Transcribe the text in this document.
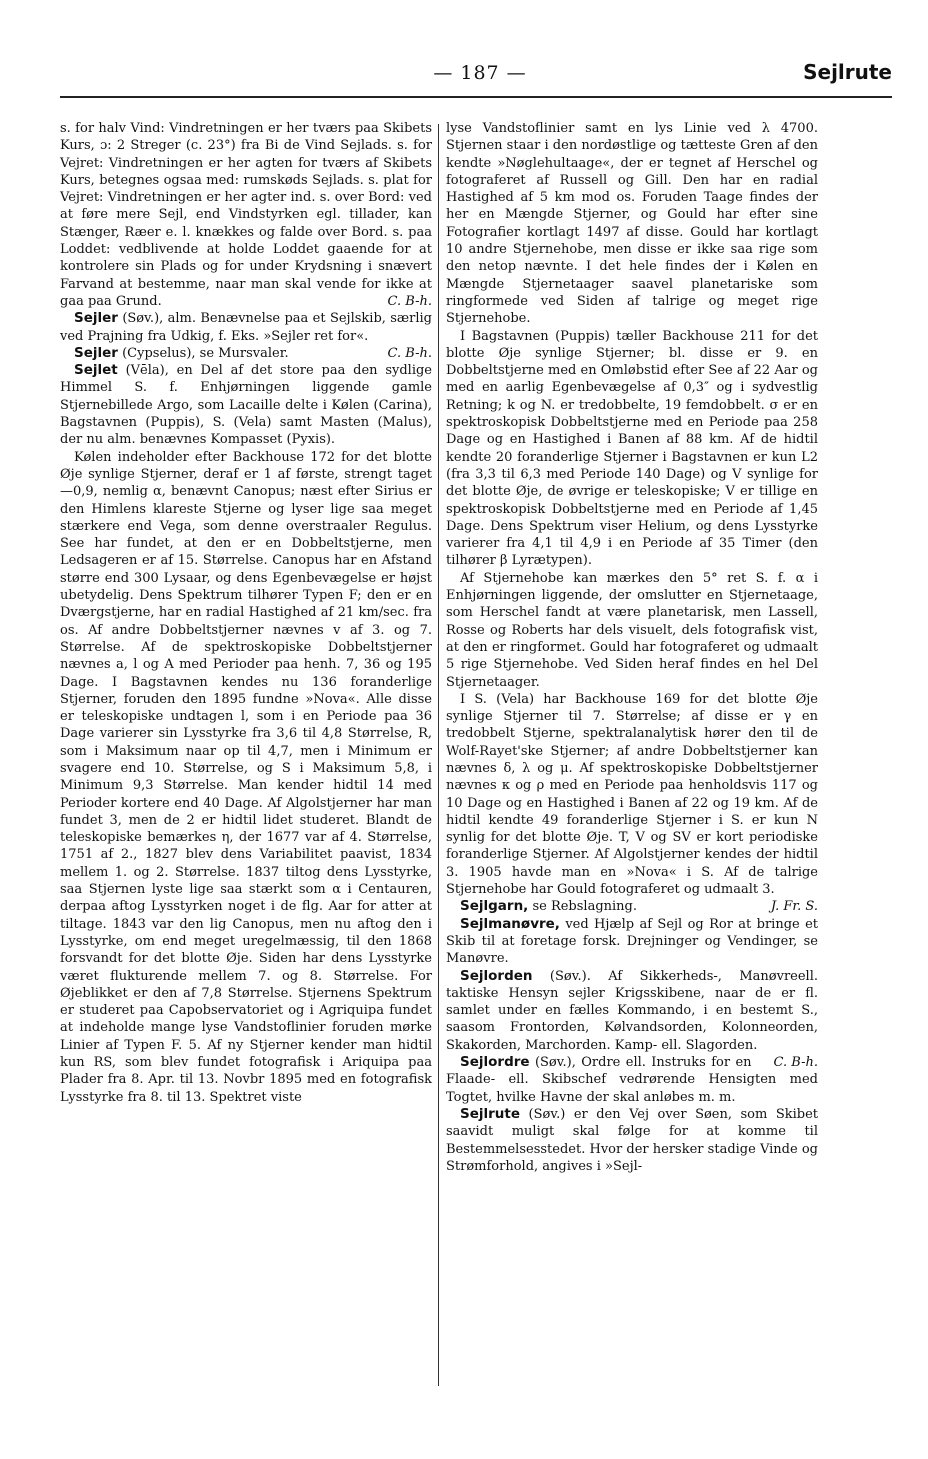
— 187 —	Sejlrute

s. for halv Vind: Vindretningen er her tværs paa Skibets Kurs, ɔ: 2 Streger (c. 23°) fra Bi de Vind Sejlads. s. for Vejret: Vindretningen er her agten for tværs af Skibets Kurs, betegnes ogsaa med: rumskøds Sejlads. s. plat for Vejret: Vindretningen er her agter ind. s. over Bord: ved at føre mere Sejl, end Vindstyrken egl. tillader, kan Stænger, Ræer e. l. knækkes og falde over Bord. s. paa Loddet: vedblivende at holde Loddet gaaende for at kontrolere sin Plads og for under Krydsning i snævert Farvand at bestemme, naar man skal vende for ikke at gaa paa Grund.	C. B-h.

Sejler (Søv.), alm. Benævnelse paa et Sejlskib, særlig ved Prajning fra Udkig, f. Eks. »Sejler ret for«.
C. B-h.

Sejler (Cypselus), se Mursvaler.

Sejlet (Vēla), en Del af det store paa den sydlige Himmel S. f. Enhjørningen liggende gamle Stjernebillede Argo, som Lacaille delte i Kølen (Carina), Bagstavnen (Puppis), S. (Vela) samt Masten (Malus), der nu alm. benævnes Kompasset (Pyxis).

Kølen indeholder efter Backhouse 172 for det blotte Øje synlige Stjerner, deraf er 1 af første, strengt taget —0,9, nemlig α, benævnt Canopus; næst efter Sirius er den Himlens klareste Stjerne og lyser lige saa meget stærkere end Vega, som denne overstraaler Regulus. See har fundet, at den er en Dobbeltstjerne, men Ledsageren er af 15. Størrelse. Canopus har en Afstand større end 300 Lysaar, og dens Egenbevægelse er højst ubetydelig. Dens Spektrum tilhører Typen F; den er en Dværgstjerne, har en radial Hastighed af 21 km/sec. fra os. Af andre Dobbeltstjerner nævnes v af 3. og 7. Størrelse. Af de spektroskopiske Dobbeltstjerner nævnes a, l og A med Perioder paa henh. 7, 36 og 195 Dage. I Bagstavnen kendes nu 136 foranderlige Stjerner, foruden den 1895 fundne »Nova«. Alle disse er teleskopiske undtagen l, som i en Periode paa 36 Dage varierer sin Lysstyrke fra 3,6 til 4,8 Størrelse, R, som i Maksimum naar op til 4,7, men i Minimum er svagere end 10. Størrelse, og S i Maksimum 5,8, i Minimum 9,3 Størrelse. Man kender hidtil 14 med Perioder kortere end 40 Dage. Af Algolstjerner har man fundet 3, men de 2 er hidtil lidet studeret. Blandt de teleskopiske bemærkes η, der 1677 var af 4. Størrelse, 1751 af 2., 1827 blev dens Variabilitet paavist, 1834 mellem 1. og 2. Størrelse. 1837 tiltog dens Lysstyrke, saa Stjernen lyste lige saa stærkt som α i Centauren, derpaa aftog Lysstyrken noget i de flg. Aar for atter at tiltage. 1843 var den lig Canopus, men nu aftog den i Lysstyrke, om end meget uregelmæssig, til den 1868 forsvandt for det blotte Øje. Siden har dens Lysstyrke været flukturende mellem 7. og 8. Størrelse. For Øjeblikket er den af 7,8 Størrelse. Stjernens Spektrum er studeret paa Capobservatoriet og i Agriquipa fundet at indeholde mange lyse Vandstoflinier foruden mørke Linier af Typen F. 5. Af ny Stjerner kender man hidtil kun RS, som blev fundet fotografisk i Ariquipa paa Plader fra 8. Apr. til 13. Novbr 1895 med en fotografisk Lysstyrke fra 8. til 13. Spektret viste

lyse Vandstoflinier samt en lys Linie ved λ 4700. Stjernen staar i den nordøstlige og tætteste Gren af den kendte »Nøglehultaage«, der er tegnet af Herschel og fotograferet af Russell og Gill. Den har en radial Hastighed af 5 km mod os. Foruden Taage findes der her en Mængde Stjerner, og Gould har efter sine Fotografier kortlagt 1497 af disse. Gould har kortlagt 10 andre Stjernehobe, men disse er ikke saa rige som den netop nævnte. I det hele findes der i Kølen en Mængde Stjernetaager saavel planetariske som ringformede ved Siden af talrige og meget rige Stjernehobe.

I Bagstavnen (Puppis) tæller Backhouse 211 for det blotte Øje synlige Stjerner; bl. disse er 9. en Dobbeltstjerne med en Omløbstid efter See af 22 Aar og med en aarlig Egenbevægelse af 0,3″ og i sydvestlig Retning; k og N. er tredobbelte, 19 femdobbelt. σ er en spektroskopisk Dobbeltstjerne med en Periode paa 258 Dage og en Hastighed i Banen af 88 km. Af de hidtil kendte 20 foranderlige Stjerner i Bagstavnen er kun L2 (fra 3,3 til 6,3 med Periode 140 Dage) og V synlige for det blotte Øje, de øvrige er teleskopiske; V er tillige en spektroskopisk Dobbeltstjerne med en Periode af 1,45 Dage. Dens Spektrum viser Helium, og dens Lysstyrke varierer fra 4,1 til 4,9 i en Periode af 35 Timer (den tilhører β Lyrætypen).

Af Stjernehobe kan mærkes den 5° ret S. f. α i Enhjørningen liggende, der omslutter en Stjernetaage, som Herschel fandt at være planetarisk, men Lassell, Rosse og Roberts har dels visuelt, dels fotografisk vist, at den er ringformet. Gould har fotograferet og udmaalt 5 rige Stjernehobe. Ved Siden heraf findes en hel Del Stjernetaager.

I S. (Vela) har Backhouse 169 for det blotte Øje synlige Stjerner til 7. Størrelse; af disse er γ en tredobbelt Stjerne, spektralanalytisk hører den til de Wolf-Rayet'ske Stjerner; af andre Dobbeltstjerner kan nævnes δ, λ og μ. Af spektroskopiske Dobbeltstjerner nævnes κ og ρ med en Periode paa henholdsvis 117 og 10 Dage og en Hastighed i Banen af 22 og 19 km. Af de hidtil kendte 49 foranderlige Stjerner i S. er kun N synlig for det blotte Øje. T, V og SV er kort periodiske foranderlige Stjerner. Af Algolstjerner kendes der hidtil 3. 1905 havde man en »Nova« i S. Af de talrige Stjernehobe har Gould fotograferet og udmaalt 3.
J. Fr. S.

Sejlgarn, se Rebslagning.

Sejlmanøvre, ved Hjælp af Sejl og Ror at bringe et Skib til at foretage forsk. Drejninger og Vendinger, se Manøvre.

Sejlorden (Søv.). Af Sikkerheds-, Manøvreell. taktiske Hensyn sejler Krigsskibene, naar de er fl. samlet under en fælles Kommando, i en bestemt S., saasom Frontorden, Kølvandsorden, Kolonneorden, Skakorden, Marchorden. Kamp- ell. Slagorden.
C. B-h.

Sejlordre (Søv.), Ordre ell. Instruks for en Flaade- ell. Skibschef vedrørende Hensigten med Togtet, hvilke Havne der skal anløbes m. m.

Sejlrute (Søv.) er den Vej over Søen, som Skibet saavidt muligt skal følge for at komme til Bestemmelsesstedet. Hvor der hersker stadige Vinde og Strømforhold, angives i »Sejl-
